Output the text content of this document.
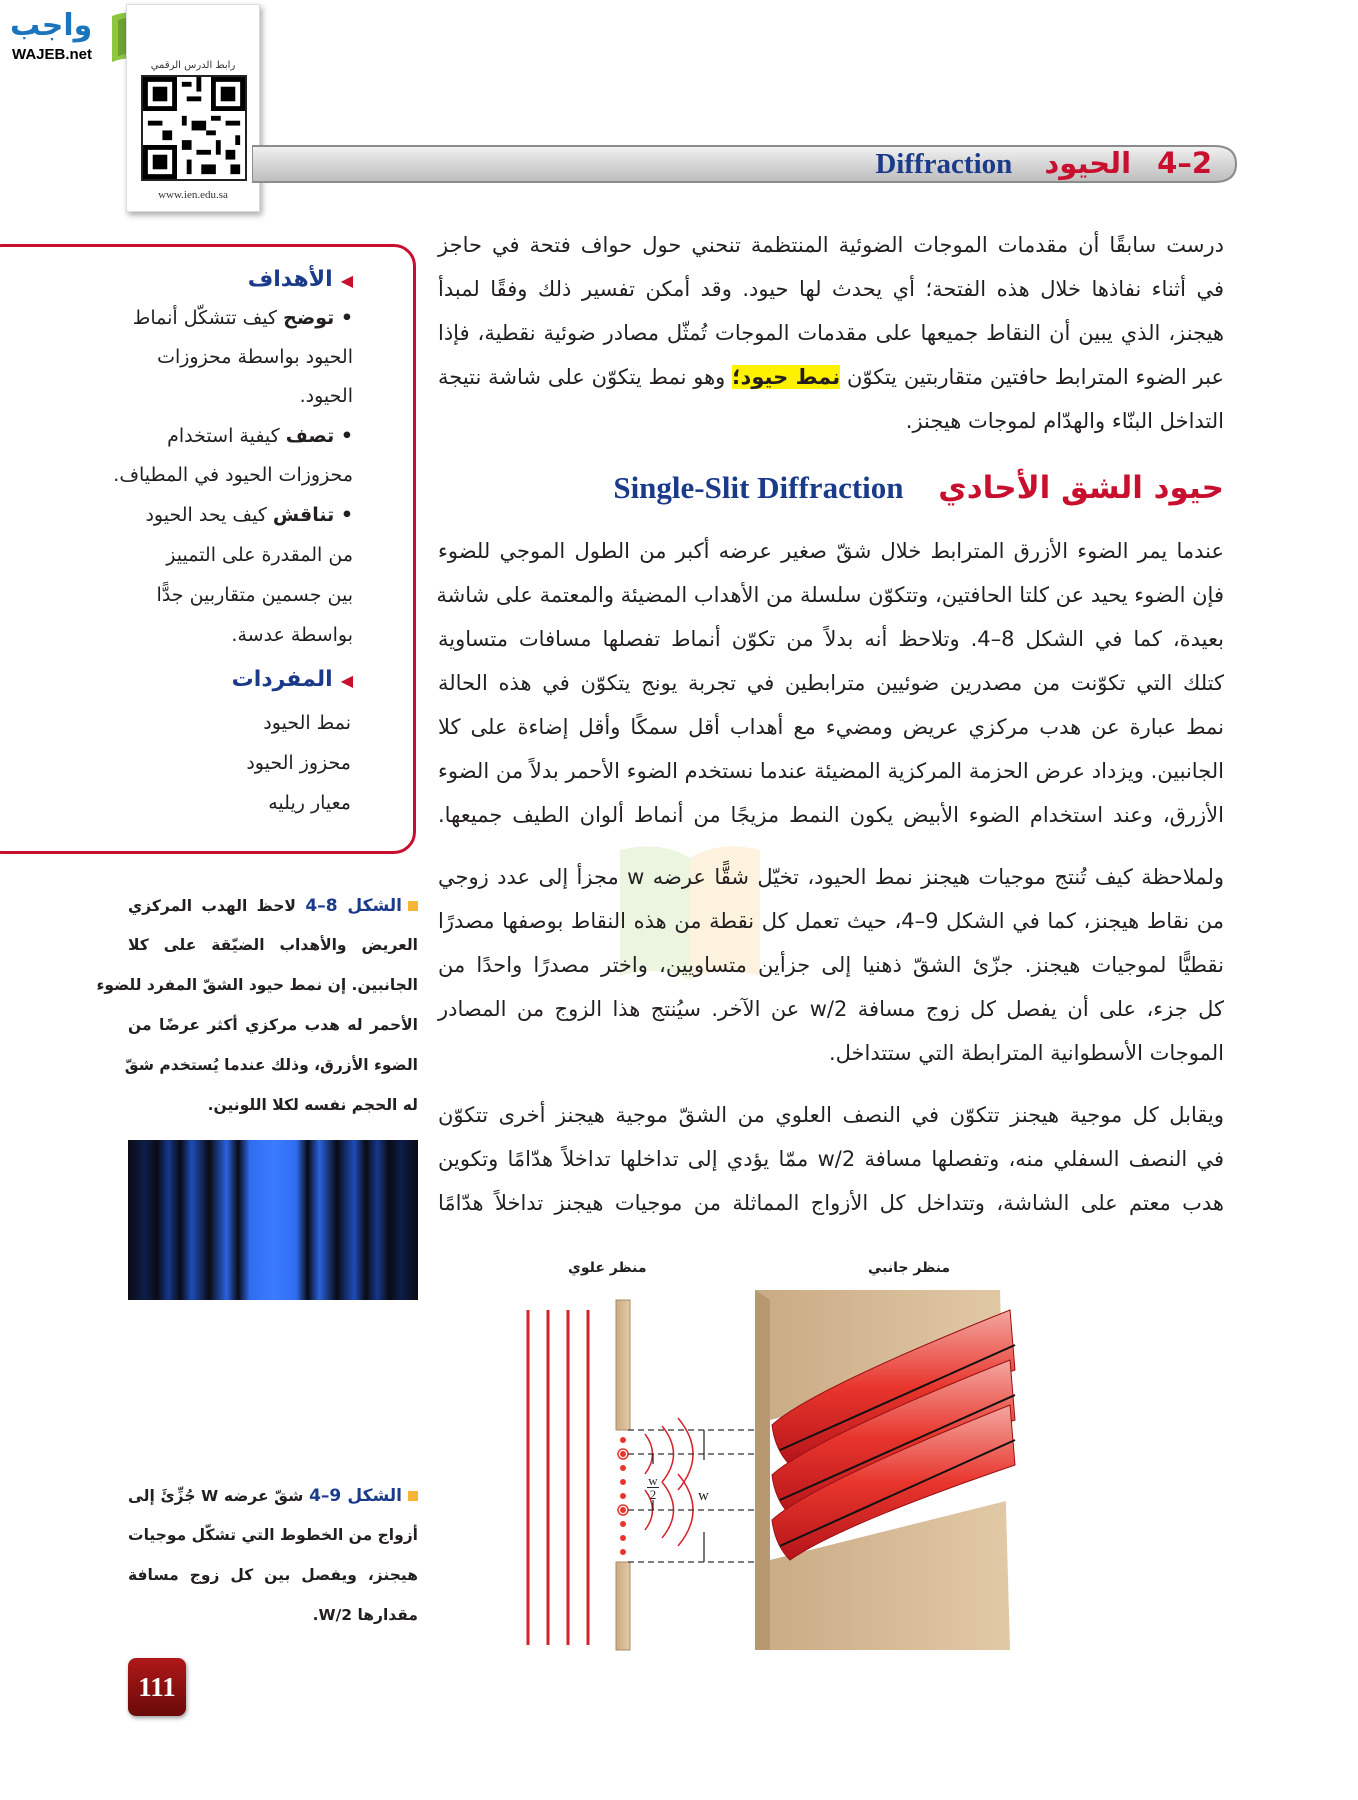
واجب
WAJEB.net
رابط الدرس الرقمي
www.ien.edu.sa
2–4 الحيود Diffraction
◀الأهداف
• توضح كيف تتشكّل أنماط
الحيود بواسطة محزوزات
الحيود.
• تصف كيفية استخدام
محزوزات الحيود في المطياف.
• تناقش كيف يحد الحيود
من المقدرة على التمييز
بين جسمين متقاربين جدًّا
بواسطة عدسة.
◀المفردات
نمط الحيود
محزوز الحيود
معيار ريليه
درست سابقًا أن مقدمات الموجات الضوئية المنتظمة تنحني حول حواف فتحة في حاجز
في أثناء نفاذها خلال هذه الفتحة؛ أي يحدث لها حيود. وقد أمكن تفسير ذلك وفقًا لمبدأ
هيجنز، الذي يبين أن النقاط جميعها على مقدمات الموجات تُمثّل مصادر ضوئية نقطية، فإذا
عبر الضوء المترابط حافتين متقاربتين يتكوّن نمط حيود؛ وهو نمط يتكوّن على شاشة نتيجة
التداخل البنّاء والهدّام لموجات هيجنز.
حيود الشق الأحادي Single-Slit Diffraction
عندما يمر الضوء الأزرق المترابط خلال شقّ صغير عرضه أكبر من الطول الموجي للضوء
فإن الضوء يحيد عن كلتا الحافتين، وتتكوّن سلسلة من الأهداب المضيئة والمعتمة على شاشة
بعيدة، كما في الشكل 8–4. وتلاحظ أنه بدلاً من تكوّن أنماط تفصلها مسافات متساوية
كتلك التي تكوّنت من مصدرين ضوئيين مترابطين في تجربة يونج يتكوّن في هذه الحالة
نمط عبارة عن هدب مركزي عريض ومضيء مع أهداب أقل سمكًا وأقل إضاءة على كلا
الجانبين. ويزداد عرض الحزمة المركزية المضيئة عندما نستخدم الضوء الأحمر بدلاً من الضوء
الأزرق، وعند استخدام الضوء الأبيض يكون النمط مزيجًا من أنماط ألوان الطيف جميعها.
ولملاحظة كيف تُنتج موجيات هيجنز نمط الحيود، تخيّل شقًّا عرضه w مجزأ إلى عدد زوجي
من نقاط هيجنز، كما في الشكل 9–4، حيث تعمل كل نقطة من هذه النقاط بوصفها مصدرًا
نقطيًّا لموجيات هيجنز. جزّئ الشقّ ذهنيا إلى جزأين متساويين، واختر مصدرًا واحدًا من
كل جزء، على أن يفصل كل زوج مسافة w/2 عن الآخر. سيُنتج هذا الزوج من المصادر
الموجات الأسطوانية المترابطة التي ستتداخل.
ويقابل كل موجية هيجنز تتكوّن في النصف العلوي من الشقّ موجية هيجنز أخرى تتكوّن
في النصف السفلي منه، وتفصلها مسافة w/2 ممّا يؤدي إلى تداخلها تداخلاً هدّامًا وتكوين
هدب معتم على الشاشة، وتتداخل كل الأزواج المماثلة من موجيات هيجنز تداخلاً هدّامًا
الشكل 8–4 لاحظ الهدب المركزي
العريض والأهداب الضيّقة على كلا
الجانبين. إن نمط حيود الشقّ المفرد للضوء
الأحمر له هدب مركزي أكثر عرضًا من
الضوء الأزرق، وذلك عندما يُستخدم شقّ
له الحجم نفسه لكلا اللونين.
الشكل 9–4 شقّ عرضه W جُزِّئَ إلى
أزواج من الخطوط التي تشكّل موجيات
هيجنز، ويفصل بين كل زوج مسافة
مقدارها W/2.
منظر علوي	منظر جانبي
w
2	w
111
